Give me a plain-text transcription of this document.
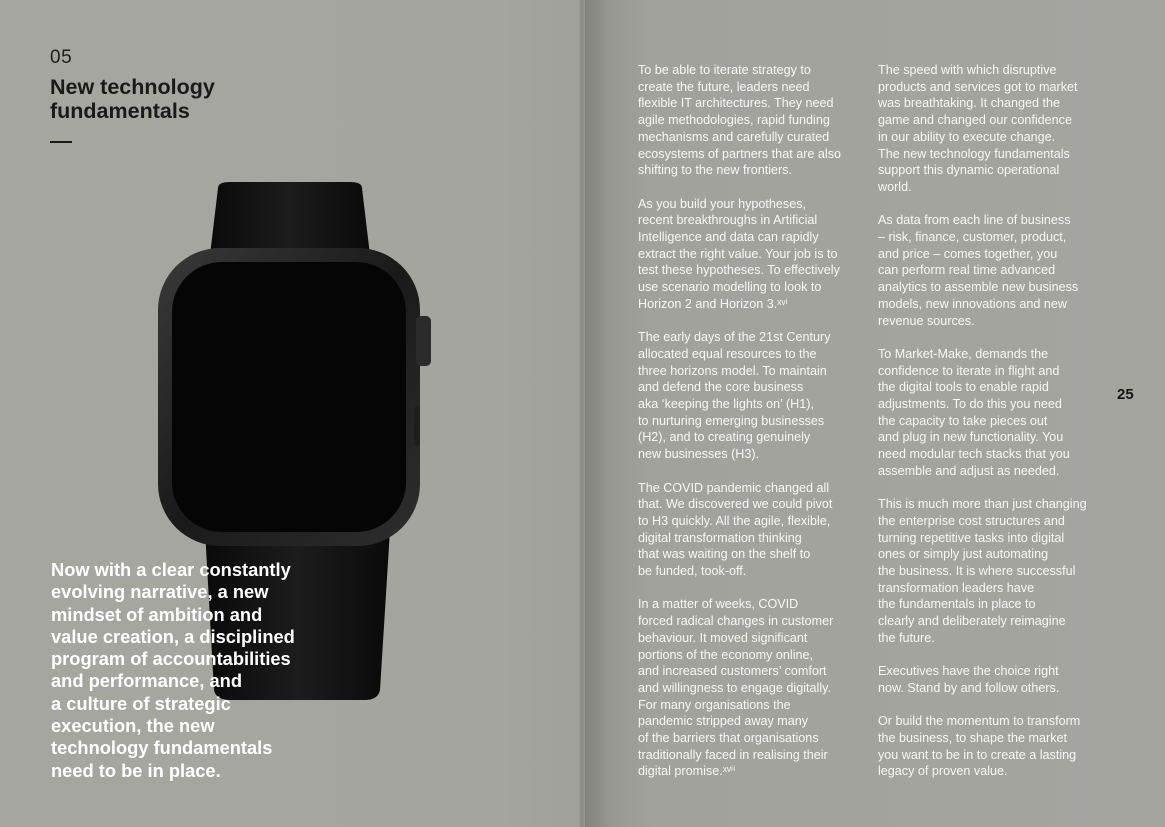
05
New technology
fundamentals
Now with a clear constantly
evolving narrative, a new
mindset of ambition and
value creation, a disciplined
program of accountabilities
and performance, and
a culture of strategic
execution, the new
technology fundamentals
need to be in place.

To be able to iterate strategy to
create the future, leaders need
flexible IT architectures. They need
agile methodologies, rapid funding
mechanisms and carefully curated
ecosystems of partners that are also
shifting to the new frontiers.

As you build your hypotheses,
recent breakthroughs in Artificial
Intelligence and data can rapidly
extract the right value. Your job is to
test these hypotheses. To effectively
use scenario modelling to look to
Horizon 2 and Horizon 3.ˣᵛⁱ

The early days of the 21st Century
allocated equal resources to the
three horizons model. To maintain
and defend the core business
aka ‘keeping the lights on’ (H1),
to nurturing emerging businesses
(H2), and to creating genuinely
new businesses (H3).

The COVID pandemic changed all
that. We discovered we could pivot
to H3 quickly. All the agile, flexible,
digital transformation thinking
that was waiting on the shelf to
be funded, took-off.

In a matter of weeks, COVID
forced radical changes in customer
behaviour. It moved significant
portions of the economy online,
and increased customers’ comfort
and willingness to engage digitally.
For many organisations the
pandemic stripped away many
of the barriers that organisations
traditionally faced in realising their
digital promise.ˣᵛⁱⁱ

The speed with which disruptive
products and services got to market
was breathtaking. It changed the
game and changed our confidence
in our ability to execute change.
The new technology fundamentals
support this dynamic operational
world.

As data from each line of business
– risk, finance, customer, product,
and price – comes together, you
can perform real time advanced
analytics to assemble new business
models, new innovations and new
revenue sources.

To Market-Make, demands the
confidence to iterate in flight and
the digital tools to enable rapid
adjustments. To do this you need
the capacity to take pieces out
and plug in new functionality. You
need modular tech stacks that you
assemble and adjust as needed.

This is much more than just changing
the enterprise cost structures and
turning repetitive tasks into digital
ones or simply just automating
the business. It is where successful
transformation leaders have
the fundamentals in place to
clearly and deliberately reimagine
the future.

Executives have the choice right
now. Stand by and follow others.

Or build the momentum to transform
the business, to shape the market
you want to be in to create a lasting
legacy of proven value.

25
